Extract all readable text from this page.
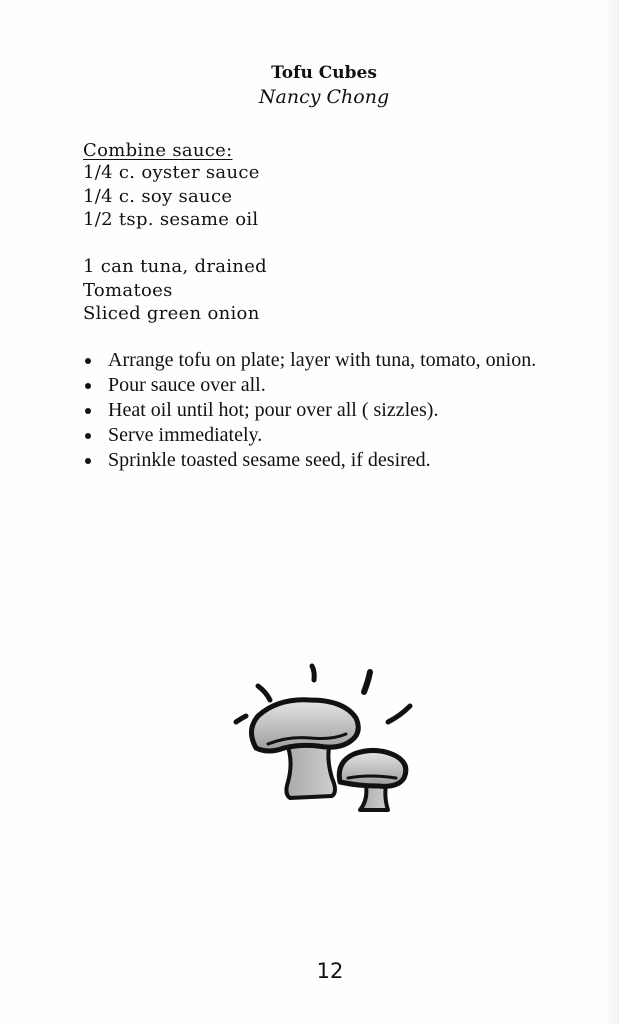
Tofu Cubes
Nancy Chong
Combine sauce:
1/4 c. oyster sauce
1/4 c. soy sauce
1/2 tsp. sesame oil
1 can tuna, drained
Tomatoes
Sliced green onion
Arrange tofu on plate; layer with tuna, tomato, onion.
Pour sauce over all.
Heat oil until hot; pour over all ( sizzles).
Serve immediately.
Sprinkle toasted sesame seed, if desired.
12
